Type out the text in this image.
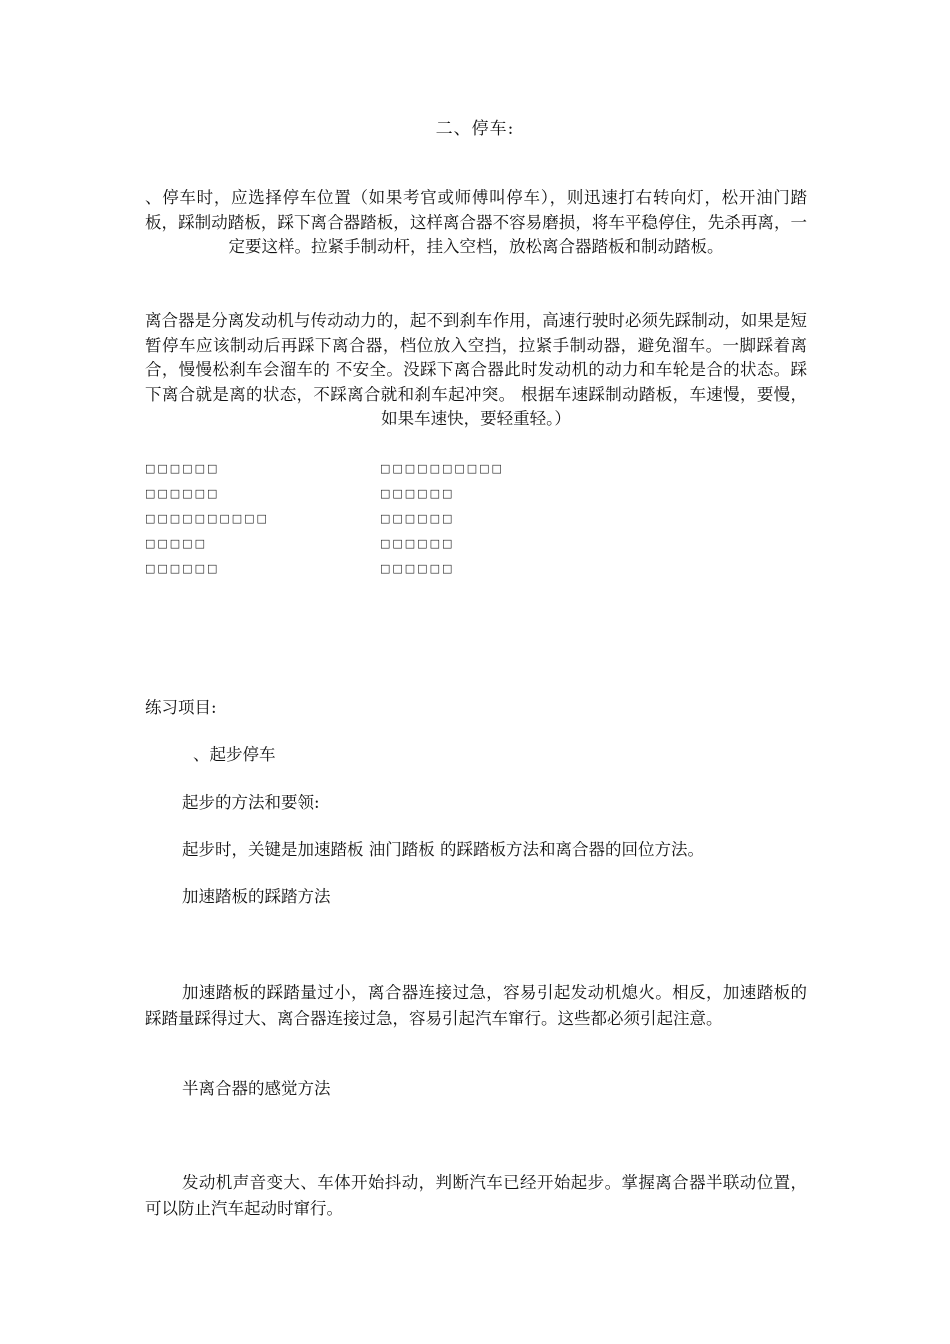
二、停车:
、停车时，应选择停车位置（如果考官或师傅叫停车），则迅速打右转向灯，松开油门踏板，踩制动踏板，踩下离合器踏板，这样离合器不容易磨损，将车平稳停住，先杀再离，一定要这样。拉紧手制动杆，挂入空档，放松离合器踏板和制动踏板。
离合器是分离发动机与传动动力的，起不到刹车作用，高速行驶时必须先踩制动，如果是短暂停车应该制动后再踩下离合器，档位放入空挡，拉紧手制动器，避免溜车。一脚踩着离合，慢慢松刹车会溜车的 不安全。没踩下离合器此时发动机的动力和车轮是合的状态。踩下离合就是离的状态，不踩离合就和刹车起冲突。 根据车速踩制动踏板，车速慢，要慢，如果车速快，要轻重轻。）
□□□□□□
□□□□□□
□□□□□□□□□□
□□□□□
□□□□□□
□□□□□□□□□□
□□□□□□
□□□□□□
□□□□□□
□□□□□□
练习项目:
、起步停车
起步的方法和要领:
起步时，关键是加速踏板 油门踏板 的踩踏板方法和离合器的回位方法。
加速踏板的踩踏方法
加速踏板的踩踏量过小，离合器连接过急，容易引起发动机熄火。相反，加速踏板的踩踏量踩得过大、离合器连接过急，容易引起汽车窜行。这些都必须引起注意。
半离合器的感觉方法
发动机声音变大、车体开始抖动，判断汽车已经开始起步。掌握离合器半联动位置，可以防止汽车起动时窜行。
